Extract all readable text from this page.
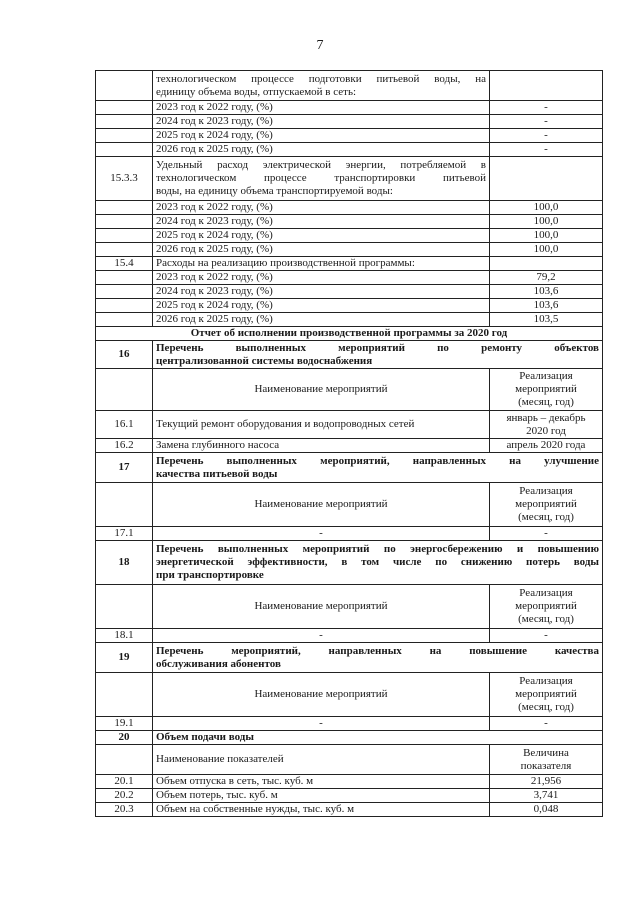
7

	технологическом процессе подготовки питьевой воды, на
единицу объема воды, отпускаемой в сеть:	

	2023 год к 2022 году, (%)	-
	2024 год к 2023 году, (%)	-
	2025 год к 2024 году, (%)	-
	2026 год к 2025 году, (%)	-
15.3.3	Удельный расход электрической энергии, потребляемой в
технологическом процессе транспортировки питьевой
воды, на единицу объема транспортируемой воды:	

	2023 год к 2022 году, (%)	100,0
	2024 год к 2023 году, (%)	100,0
	2025 год к 2024 году, (%)	100,0
	2026 год к 2025 году, (%)	100,0
15.4	Расходы на реализацию производственной программы:	
	2023 год к 2022 году, (%)	79,2
	2024 год к 2023 году, (%)	103,6
	2025 год к 2024 году, (%)	103,6
	2026 год к 2025 году, (%)	103,5
Отчет об исполнении производственной программы за 2020 год		
16	Перечень выполненных мероприятий по ремонту объектов
централизованной системы водоснабжения	

	Наименование мероприятий	Реализация
мероприятий
(месяц, год)

16.1	Текущий ремонт оборудования и водопроводных сетей	январь – декабрь
2020 год

16.2	Замена глубинного насоса	апрель 2020 года
17	Перечень выполненных мероприятий, направленных на улучшение
качества питьевой воды	

	Наименование мероприятий	Реализация
мероприятий
(месяц, год)

17.1	-	-
18	Перечень выполненных мероприятий по энергосбережению и повышению
энергетической эффективности, в том числе по снижению потерь воды
при транспортировке	

	Наименование мероприятий	Реализация
мероприятий
(месяц, год)

18.1	-	-
19	Перечень мероприятий, направленных на повышение качества
обслуживания абонентов	

	Наименование мероприятий	Реализация
мероприятий
(месяц, год)

19.1	-	-
20	Объем подачи воды	
	Наименование показателей	Величина
показателя

20.1	Объем отпуска в сеть, тыс. куб. м	21,956
20.2	Объем потерь, тыс. куб. м	3,741
20.3	Объем на собственные нужды, тыс. куб. м	0,048
